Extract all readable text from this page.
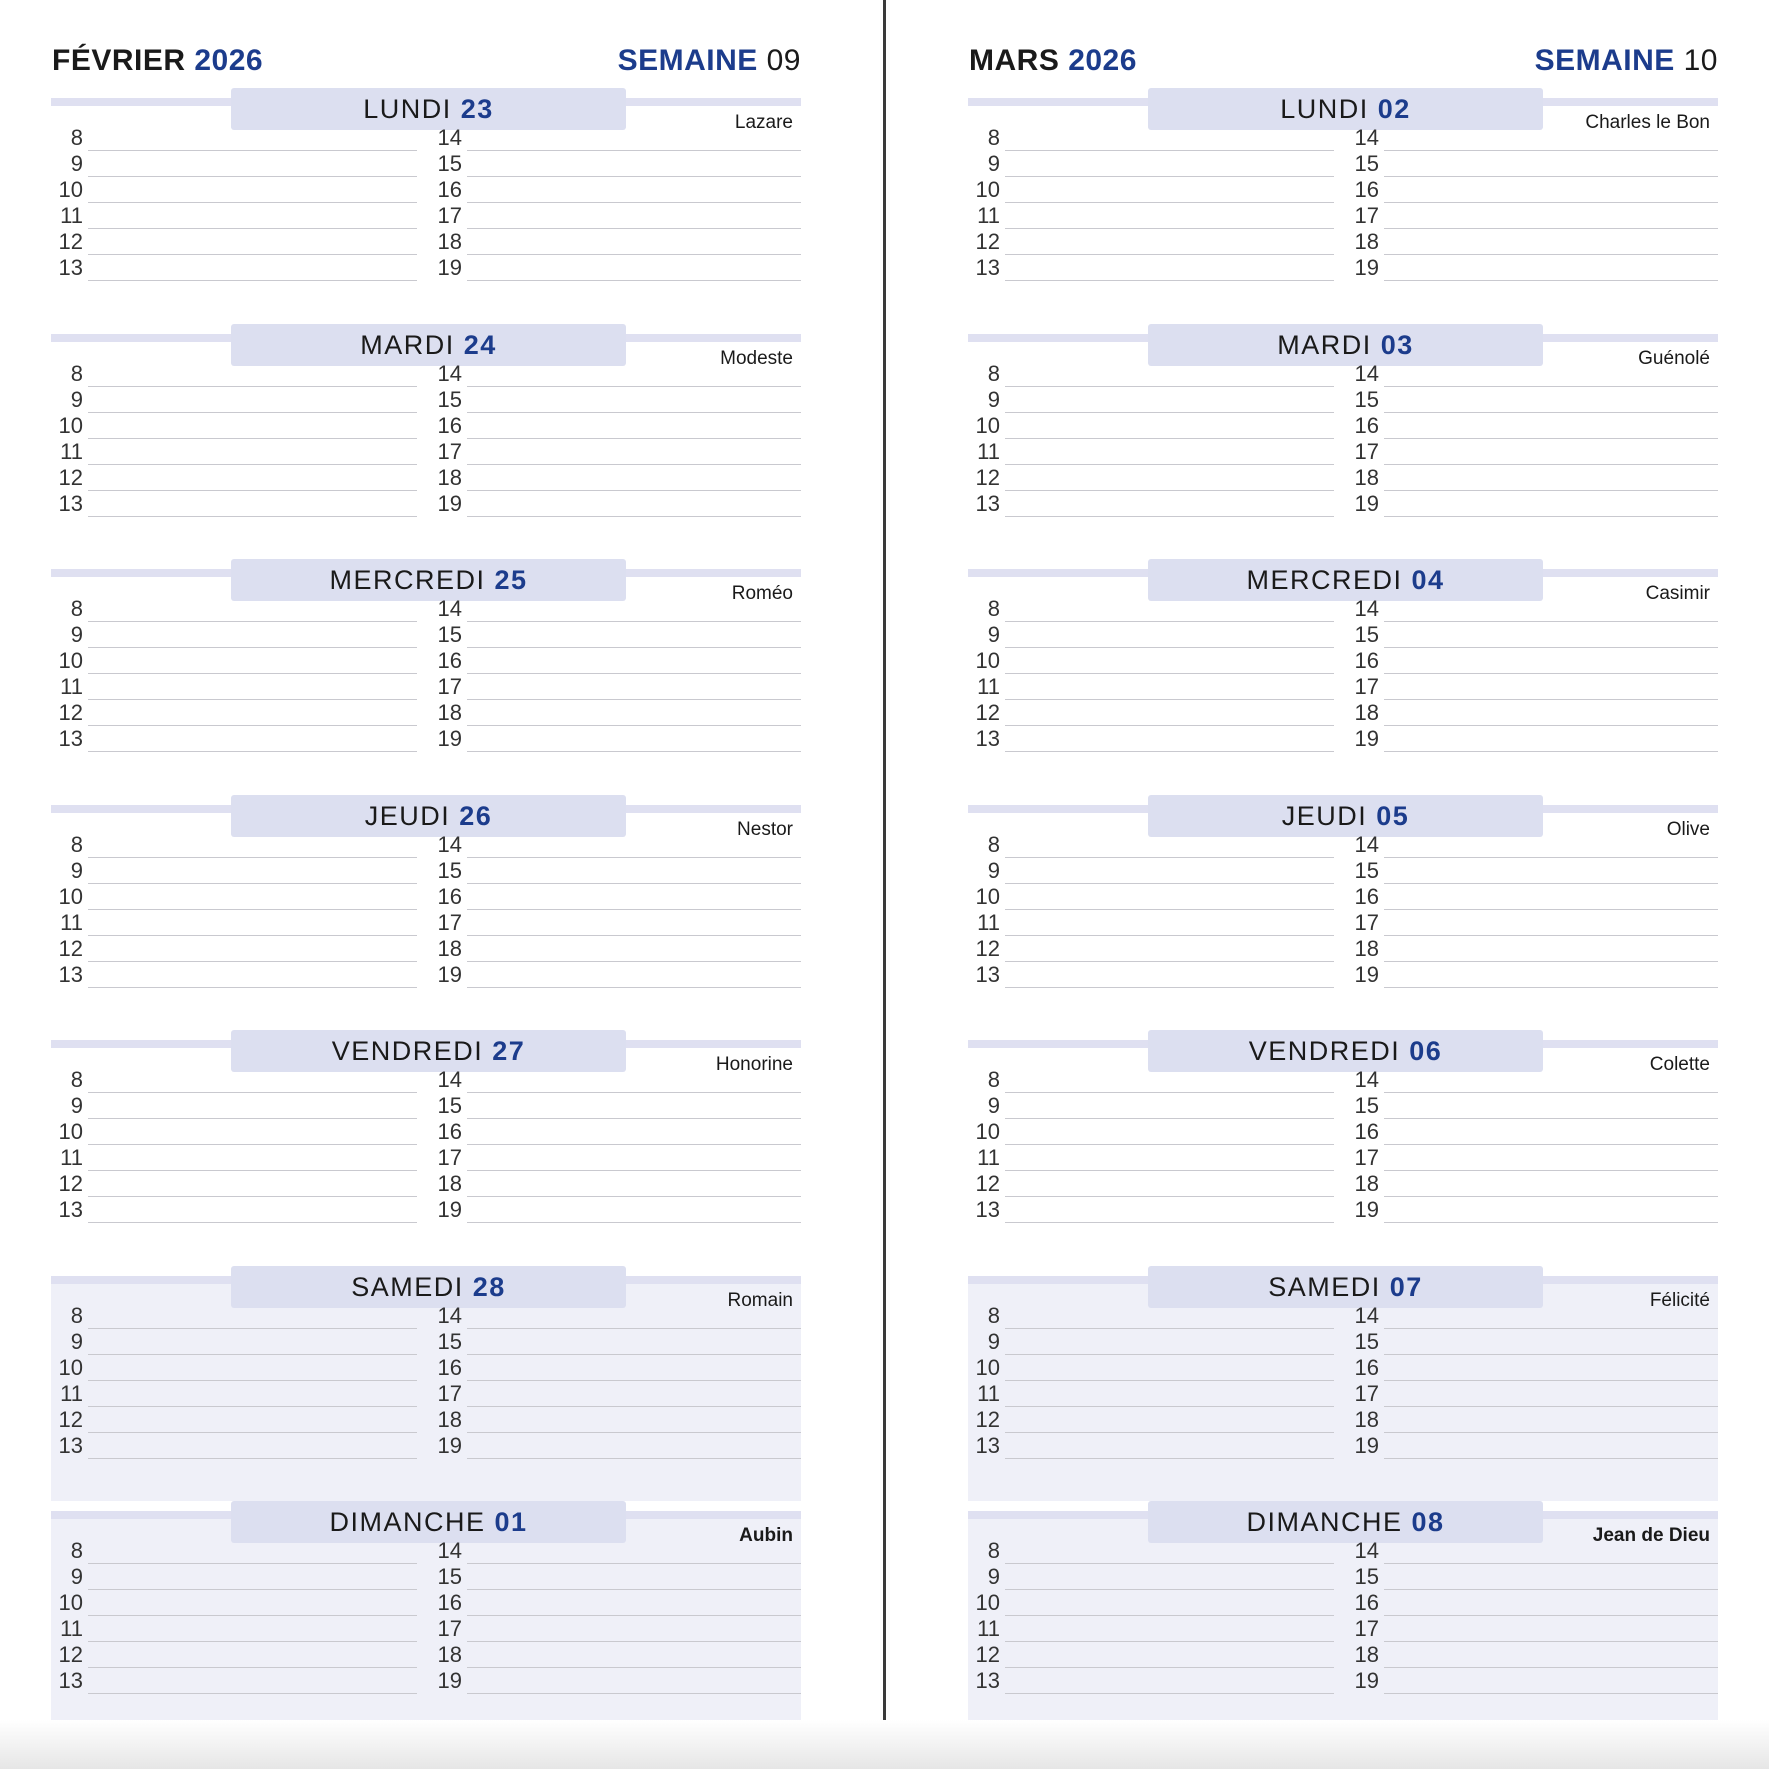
FÉVRIER 2026	SEMAINE 09
LUNDI 23	Lazare
8
9
10
11
12
13
14
15
16
17
18
19
MARDI 24	Modeste
8
9
10
11
12
13
14
15
16
17
18
19
MERCREDI 25	Roméo
8
9
10
11
12
13
14
15
16
17
18
19
JEUDI 26	Nestor
8
9
10
11
12
13
14
15
16
17
18
19
VENDREDI 27	Honorine
8
9
10
11
12
13
14
15
16
17
18
19
SAMEDI 28	Romain
8
9
10
11
12
13
14
15
16
17
18
19
DIMANCHE 01	Aubin
8
9
10
11
12
13
14
15
16
17
18
19
MARS 2026	SEMAINE 10
LUNDI 02	Charles le Bon
8
9
10
11
12
13
14
15
16
17
18
19
MARDI 03	Guénolé
8
9
10
11
12
13
14
15
16
17
18
19
MERCREDI 04	Casimir
8
9
10
11
12
13
14
15
16
17
18
19
JEUDI 05	Olive
8
9
10
11
12
13
14
15
16
17
18
19
VENDREDI 06	Colette
8
9
10
11
12
13
14
15
16
17
18
19
SAMEDI 07	Félicité
8
9
10
11
12
13
14
15
16
17
18
19
DIMANCHE 08	Jean de Dieu
8
9
10
11
12
13
14
15
16
17
18
19
